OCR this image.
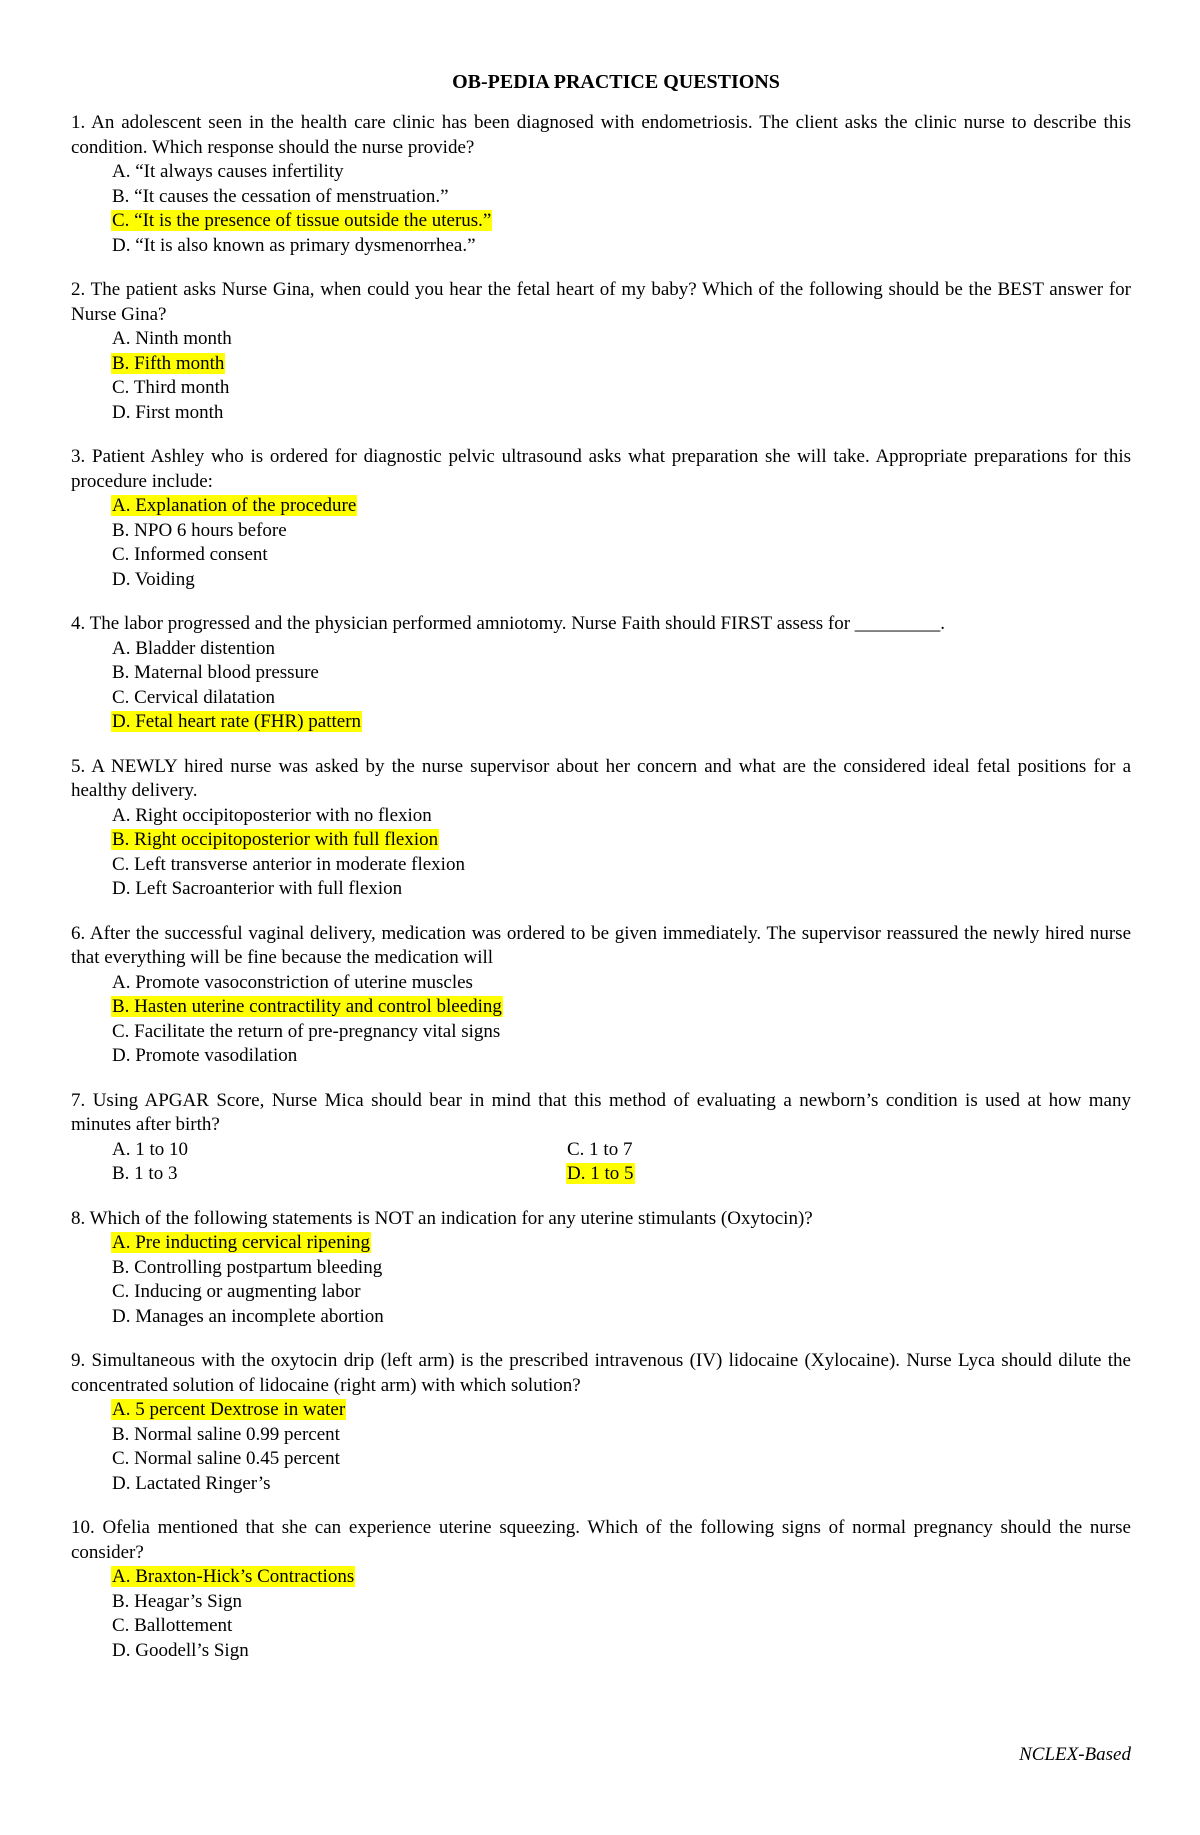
OB-PEDIA PRACTICE QUESTIONS

1. An adolescent seen in the health care clinic has been diagnosed with endometriosis. The client asks the clinic nurse to describe this condition. Which response should the nurse provide?

A. “It always causes infertility
B. “It causes the cessation of menstruation.”
C. “It is the presence of tissue outside the uterus.”
D. “It is also known as primary dysmenorrhea.”

2. The patient asks Nurse Gina, when could you hear the fetal heart of my baby? Which of the following should be the BEST answer for Nurse Gina?

A. Ninth month
B. Fifth month
C. Third month
D. First month

3. Patient Ashley who is ordered for diagnostic pelvic ultrasound asks what preparation she will take. Appropriate preparations for this procedure include:

A. Explanation of the procedure
B. NPO 6 hours before
C. Informed consent
D. Voiding

4. The labor progressed and the physician performed amniotomy. Nurse Faith should FIRST assess for _________.

A. Bladder distention
B. Maternal blood pressure
C. Cervical dilatation
D. Fetal heart rate (FHR) pattern

5. A NEWLY hired nurse was asked by the nurse supervisor about her concern and what are the considered ideal fetal positions for a healthy delivery.

A. Right occipitoposterior with no flexion
B. Right occipitoposterior with full flexion
C. Left transverse anterior in moderate flexion
D. Left Sacroanterior with full flexion

6. After the successful vaginal delivery, medication was ordered to be given immediately. The supervisor reassured the newly hired nurse that everything will be fine because the medication will

A. Promote vasoconstriction of uterine muscles
B. Hasten uterine contractility and control bleeding
C. Facilitate the return of pre-pregnancy vital signs
D. Promote vasodilation

7. Using APGAR Score, Nurse Mica should bear in mind that this method of evaluating a newborn’s condition is used at how many minutes after birth?

A. 1 to 10	C. 1 to 7
B. 1 to 3	D. 1 to 5

8. Which of the following statements is NOT an indication for any uterine stimulants (Oxytocin)?

A. Pre inducting cervical ripening
B. Controlling postpartum bleeding
C. Inducing or augmenting labor
D. Manages an incomplete abortion

9. Simultaneous with the oxytocin drip (left arm) is the prescribed intravenous (IV) lidocaine (Xylocaine). Nurse Lyca should dilute the concentrated solution of lidocaine (right arm) with which solution?

A. 5 percent Dextrose in water
B. Normal saline 0.99 percent
C. Normal saline 0.45 percent
D. Lactated Ringer’s

10. Ofelia mentioned that she can experience uterine squeezing. Which of the following signs of normal pregnancy should the nurse consider?

A. Braxton-Hick’s Contractions
B. Heagar’s Sign
C. Ballottement
D. Goodell’s Sign
NCLEX-Based
